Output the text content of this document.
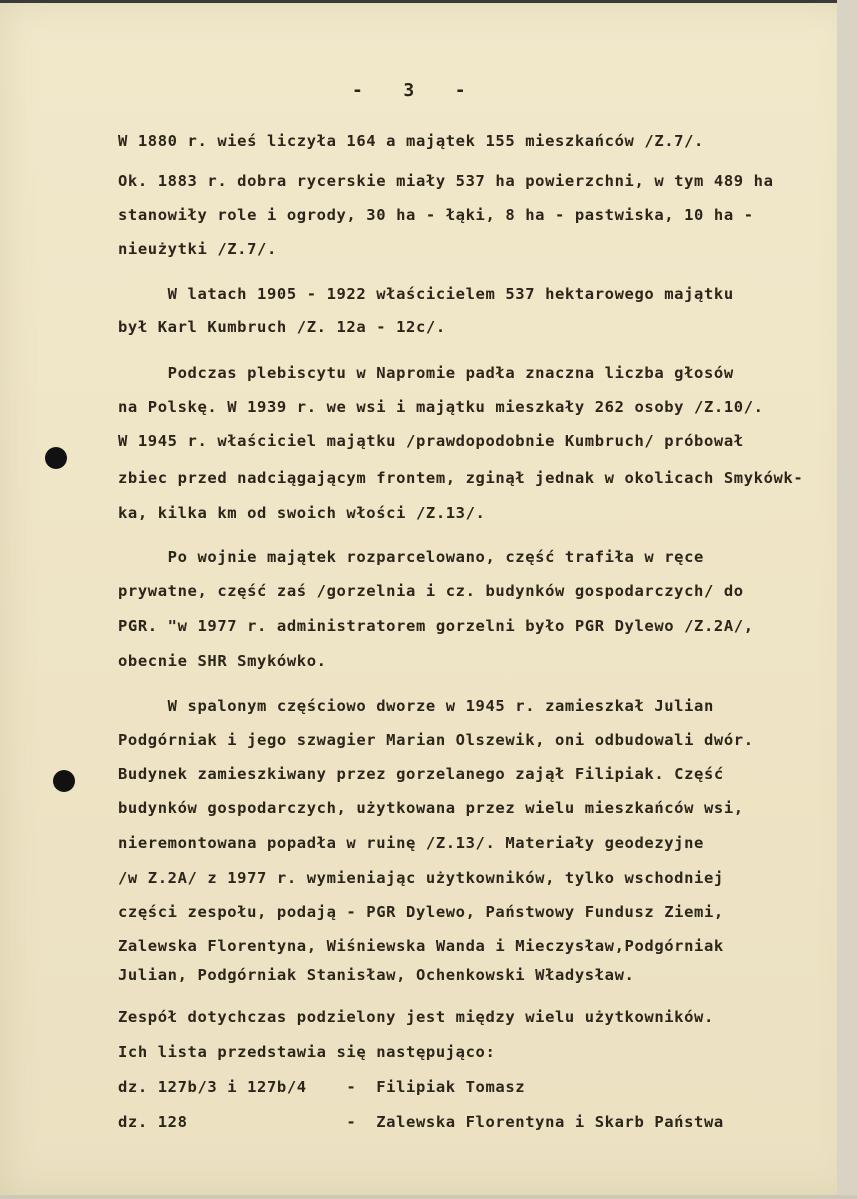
-   3   -
W 1880 r. wieś liczyła 164 a majątek 155 mieszkańców /Z.7/.
Ok. 1883 r. dobra rycerskie miały 537 ha powierzchni, w tym 489 ha
stanowiły role i ogrody, 30 ha - łąki, 8 ha - pastwiska, 10 ha -
nieużytki /Z.7/.
W latach 1905 - 1922 właścicielem 537 hektarowego majątku
był Karl Kumbruch /Z. 12a - 12c/.
Podczas plebiscytu w Napromie padła znaczna liczba głosów
na Polskę. W 1939 r. we wsi i majątku mieszkały 262 osoby /Z.10/.
W 1945 r. właściciel majątku /prawdopodobnie Kumbruch/ próbował
zbiec przed nadciągającym frontem, zginął jednak w okolicach Smykówk-
ka, kilka km od swoich włości /Z.13/.
Po wojnie majątek rozparcelowano, część trafiła w ręce
prywatne, część zaś /gorzelnia i cz. budynków gospodarczych/ do
PGR. "w 1977 r. administratorem gorzelni było PGR Dylewo /Z.2A/,
obecnie SHR Smykówko.
W spalonym częściowo dworze w 1945 r. zamieszkał Julian
Podgórniak i jego szwagier Marian Olszewik, oni odbudowali dwór.
Budynek zamieszkiwany przez gorzelanego zajął Filipiak. Część
budynków gospodarczych, użytkowana przez wielu mieszkańców wsi,
nieremontowana popadła w ruinę /Z.13/. Materiały geodezyjne
/w Z.2A/ z 1977 r. wymieniając użytkowników, tylko wschodniej
części zespołu, podają - PGR Dylewo, Państwowy Fundusz Ziemi,
Zalewska Florentyna, Wiśniewska Wanda i Mieczysław,Podgórniak
Julian, Podgórniak Stanisław, Ochenkowski Władysław.
Zespół dotychczas podzielony jest między wielu użytkowników.
Ich lista przedstawia się następująco:
dz. 127b/3 i 127b/4    -  Filipiak Tomasz
dz. 128                -  Zalewska Florentyna i Skarb Państwa
